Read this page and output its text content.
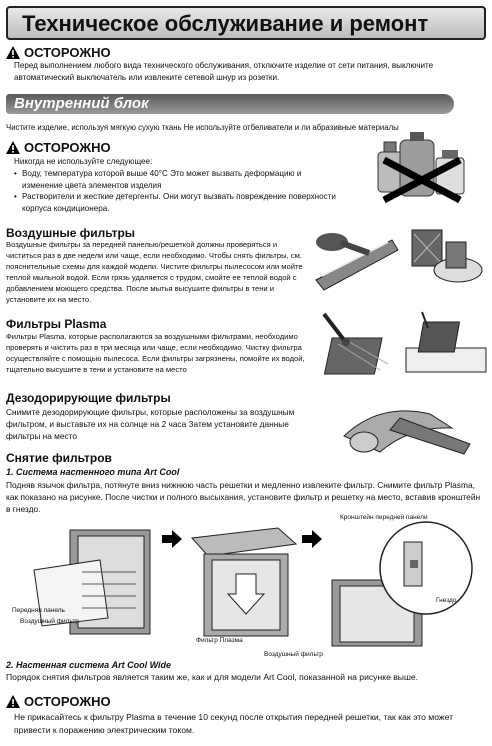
Техническое обслуживание и ремонт
ОСТОРОЖНО
Перед выполнением любого вида технического обслуживания, отключите изделие от сети питания, выключите автоматический выключатель или извлеките сетевой шнур из розетки.
Внутренний блок
Чистите изделие, используя мягкую сухую ткань Не используйте отбеливатели и ли абразивные материалы
ОСТОРОЖНО
Никогда не используйте следующее:
• Воду, температура которой выше 40°C Это может вызвать деформацию и изменение цвета элементов изделия
• Растворители и жесткие детергенты. Они могут вызвать повреждение поверхности корпуса кондиционера.
Воздушные фильтры
Воздушные фильтры за передней панелью/решеткой должны проверяться и чиститься раз в две недели или чаще, если необходимо. Чтобы снять фильтры, см. пояснительные схемы для каждой модели. Чистите фильтры пылесосом или мойте теплой мыльной водой. Если грязь удаляется с трудом, смойте ее теплой водой с добавлением моющего средства. После мытья высушите фильтры в тени и установите их на место.
Фильтры Plasma
Фильтры Plasma, которые располагаются за воздушными фильтрами, необходимо проверять и чистить раз в три месяца или чаще, если необходимо. Чистку фильтра осуществляйте с помощью пылесоса. Если фильтры загрязнены, помойте их водой, тщательно высушите в тени и установите на место
Дезодорирующие фильтры
Снимите дезодорирующие фильтры, которые расположены за воздушным фильтром, и выставьте их на солнце на 2 часа Затем установите данные фильтры на место
Снятие фильтров
1. Система настенного типа Art Cool
Подняв язычок фильтра, потянуте вниз нижнюю часть решетки и медленно извлеките фильтр. Снимите фильтр Plasma, как показано на рисунке. После чистки и полного высыхания, установите фильтр и решетку на место, вставив кронштейн в гнездо.
Передняя панель
Воздушный фильтр
Фильтр Плазма
Воздушный фильтр
Кронштейн передней панели
Гнездо
2. Настенная система Art Cool Wide
Порядок снятия фильтров является таким же, как и для модели Art Cool, показанной на рисунке выше.
ОСТОРОЖНО
Не прикасайтесь к фильтру Plasma в течение 10 секунд после открытия передней решетки, так как это может привести к поражению электрическим током.
